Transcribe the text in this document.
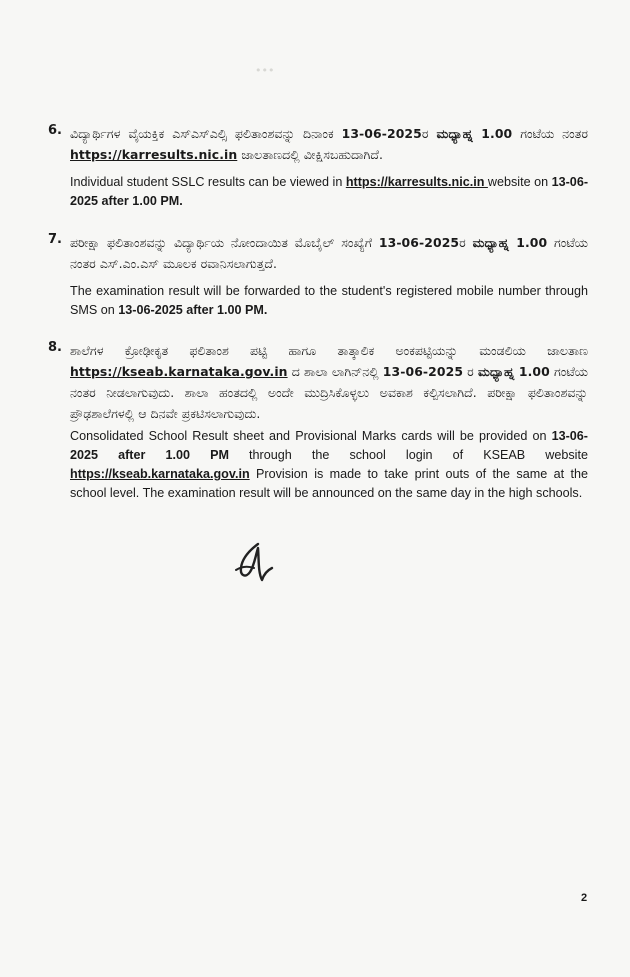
•••
6. ವಿದ್ಯಾರ್ಥಿಗಳ ವೈಯಕ್ತಿಕ ಎಸ್ಎಸ್ಎಲ್ಸಿ ಫಲಿತಾಂಶವನ್ನು ದಿನಾಂಕ 13-06-2025ರ ಮಧ್ಯಾಹ್ನ 1.00 ಗಂಟೆಯ ನಂತರ https://karresults.nic.in ಜಾಲತಾಣದಲ್ಲಿ ವೀಕ್ಷಿಸಬಹುದಾಗಿದೆ.
Individual student SSLC results can be viewed in https://karresults.nic.in website on 13-06-2025 after 1.00 PM.
7. ಪರೀಕ್ಷಾ ಫಲಿತಾಂಶವನ್ನು ವಿದ್ಯಾರ್ಥಿಯ ನೋಂದಾಯಿತ ಮೊಬೈಲ್ ಸಂಖ್ಯೆಗೆ 13-06-2025ರ ಮಧ್ಯಾಹ್ನ 1.00 ಗಂಟೆಯ ನಂತರ ಎಸ್.ಎಂ.ಎಸ್ ಮೂಲಕ ರವಾನಿಸಲಾಗುತ್ತದೆ.
The examination result will be forwarded to the student's registered mobile number through SMS on 13-06-2025 after 1.00 PM.
8. ಶಾಲೆಗಳ ಕ್ರೋಢೀಕೃತ ಫಲಿತಾಂಶ ಪಟ್ಟಿ ಹಾಗೂ ತಾತ್ಕಾಲಿಕ ಅಂಕಪಟ್ಟಿಯನ್ನು ಮಂಡಲಿಯ ಜಾಲತಾಣ https://kseab.karnataka.gov.in ದ ಶಾಲಾ ಲಾಗಿನ್‌ನಲ್ಲಿ 13-06-2025 ರ ಮಧ್ಯಾಹ್ನ 1.00 ಗಂಟೆಯ ನಂತರ ನೀಡಲಾಗುವುದು. ಶಾಲಾ ಹಂತದಲ್ಲಿ ಅಂದೇ ಮುದ್ರಿಸಿಕೊಳ್ಳಲು ಅವಕಾಶ ಕಲ್ಪಿಸಲಾಗಿದೆ. ಪರೀಕ್ಷಾ ಫಲಿತಾಂಶವನ್ನು ಪ್ರೌಢಶಾಲೆಗಳಲ್ಲಿ ಆ ದಿನವೇ ಪ್ರಕಟಿಸಲಾಗುವುದು.
Consolidated School Result sheet and Provisional Marks cards will be provided on 13-06-2025 after 1.00 PM through the school login of KSEAB website https://kseab.karnataka.gov.in Provision is made to take print outs of the same at the school level. The examination result will be announced on the same day in the high schools.
2
